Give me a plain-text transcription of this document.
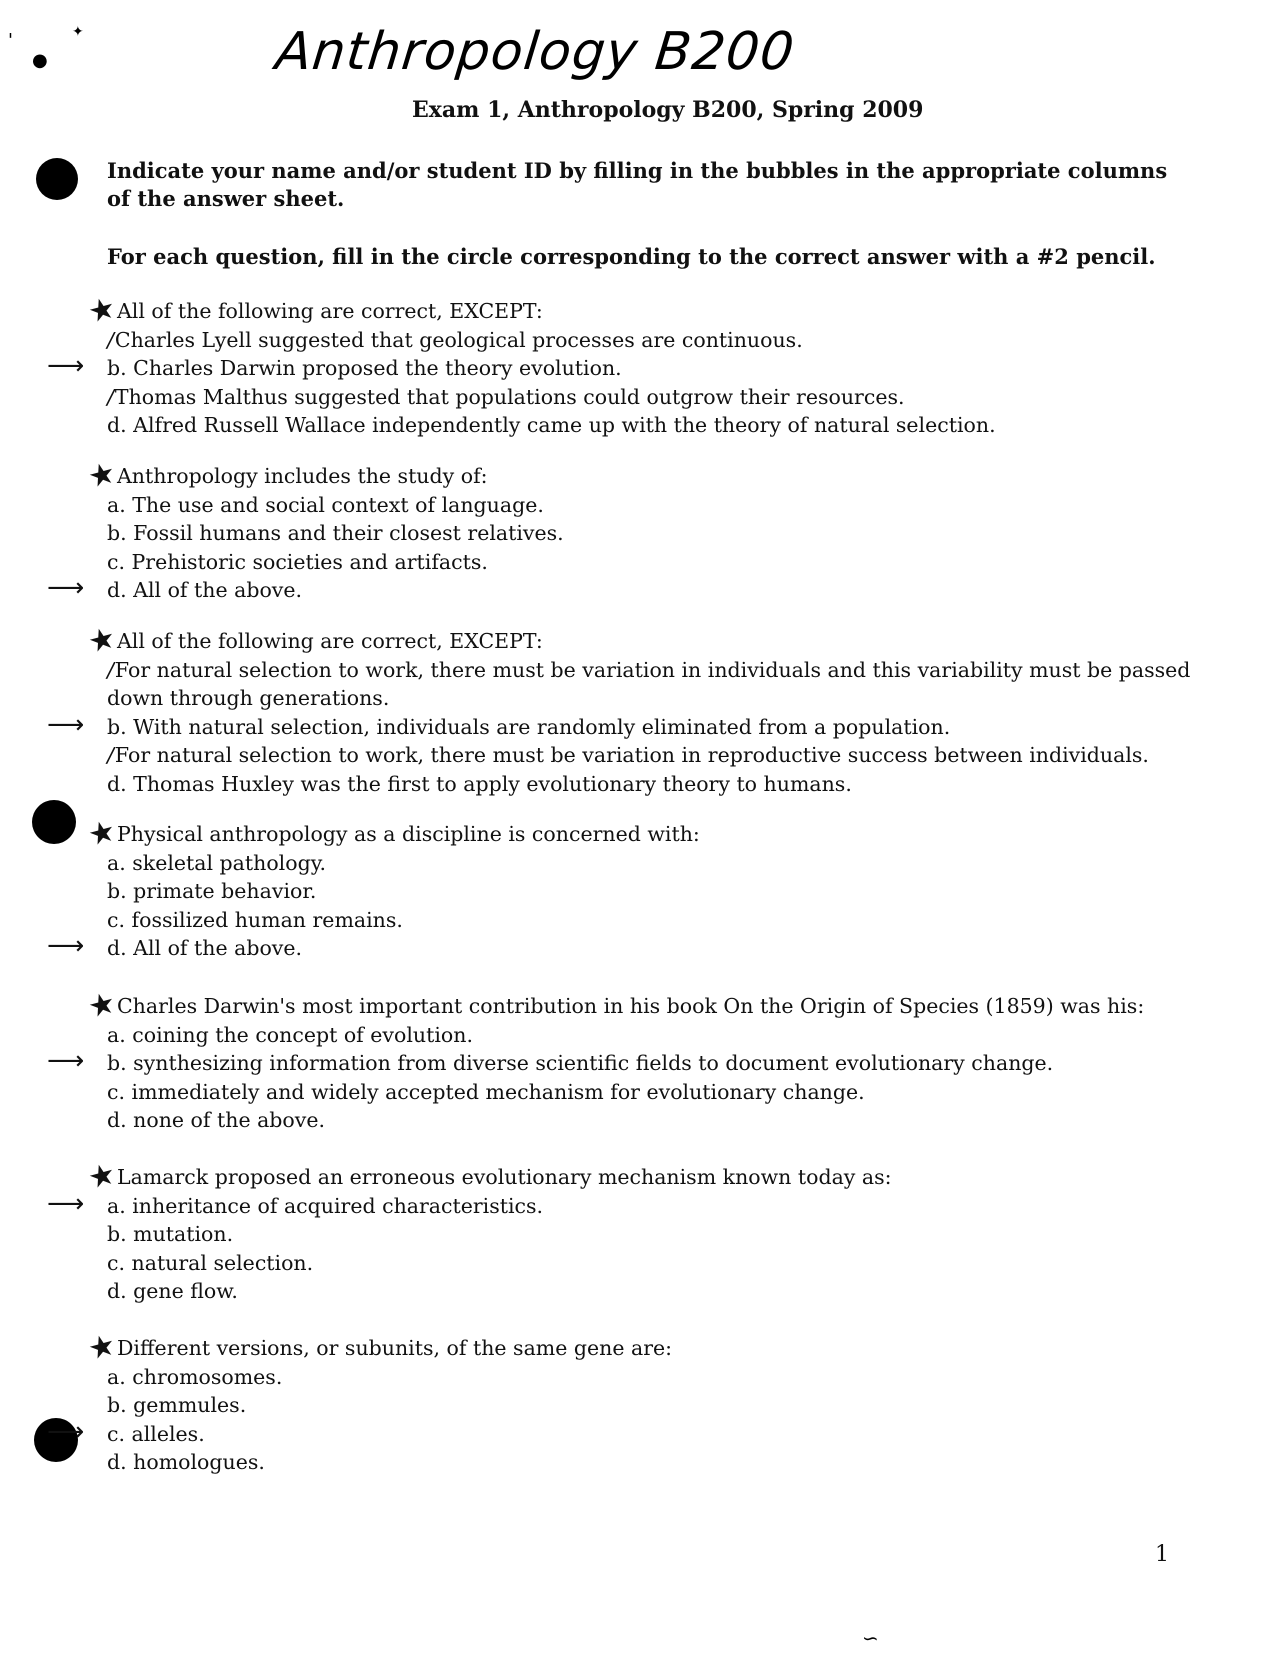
'
●
✦	Anthropology B200
Exam 1, Anthropology B200, Spring 2009
Indicate your name and/or student ID by filling in the bubbles in the appropriate columns of the answer sheet.
For each question, fill in the circle corresponding to the correct answer with a #2 pencil.
★
All of the following are correct, EXCEPT:
∕Charles Lyell suggested that geological processes are continuous.
⟶ b. Charles Darwin proposed the theory evolution.
∕Thomas Malthus suggested that populations could outgrow their resources.
d. Alfred Russell Wallace independently came up with the theory of natural selection.
★
Anthropology includes the study of:
a. The use and social context of language.
b. Fossil humans and their closest relatives.
c. Prehistoric societies and artifacts.
⟶ d. All of the above.
★
All of the following are correct, EXCEPT:
∕For natural selection to work, there must be variation in individuals and this variability must be passed down through generations.
⟶ b. With natural selection, individuals are randomly eliminated from a population.
∕For natural selection to work, there must be variation in reproductive success between individuals.
d. Thomas Huxley was the first to apply evolutionary theory to humans.
★
Physical anthropology as a discipline is concerned with:
a. skeletal pathology.
b. primate behavior.
c. fossilized human remains.
⟶ d. All of the above.
★
Charles Darwin's most important contribution in his book On the Origin of Species (1859) was his:
a. coining the concept of evolution.
⟶ b. synthesizing information from diverse scientific fields to document evolutionary change.
c. immediately and widely accepted mechanism for evolutionary change.
d. none of the above.
★
Lamarck proposed an erroneous evolutionary mechanism known today as:
⟶ a. inheritance of acquired characteristics.
b. mutation.
c. natural selection.
d. gene flow.
★
Different versions, or subunits, of the same gene are:
a. chromosomes.
b. gemmules.
⟶ c. alleles.
d. homologues.
1
∽
